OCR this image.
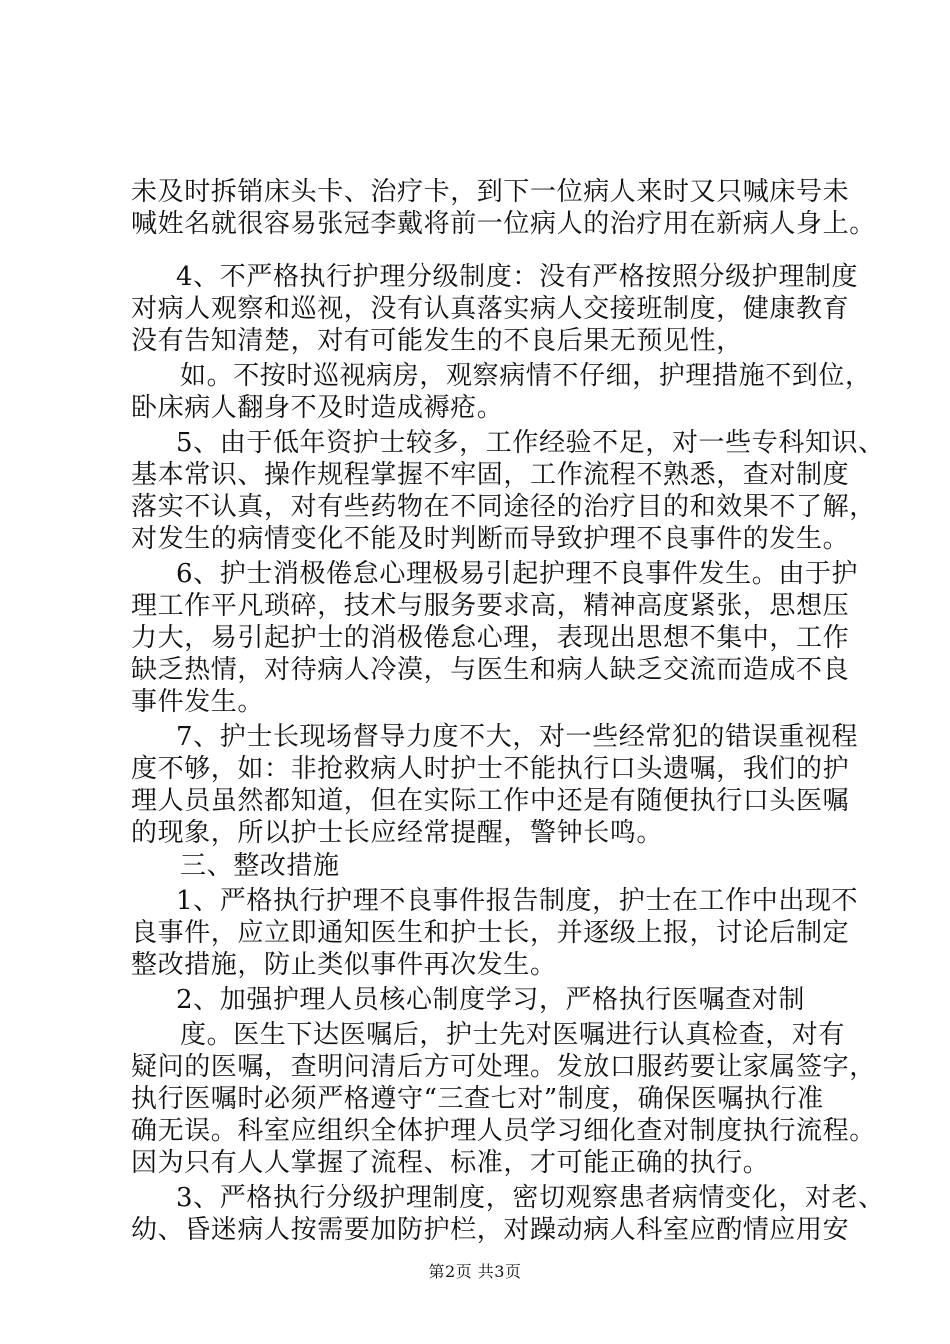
未及时拆销床头卡、治疗卡，到下一位病人来时又只喊床号未
喊姓名就很容易张冠李戴将前一位病人的治疗用在新病人身上。
4、不严格执行护理分级制度：没有严格按照分级护理制度
对病人观察和巡视，没有认真落实病人交接班制度，健康教育
没有告知清楚，对有可能发生的不良后果无预见性，
如。不按时巡视病房，观察病情不仔细，护理措施不到位，
卧床病人翻身不及时造成褥疮。
5、由于低年资护士较多，工作经验不足，对一些专科知识、
基本常识、操作规程掌握不牢固，工作流程不熟悉，查对制度
落实不认真，对有些药物在不同途径的治疗目的和效果不了解，
对发生的病情变化不能及时判断而导致护理不良事件的发生。
6、护士消极倦怠心理极易引起护理不良事件发生。由于护
理工作平凡琐碎，技术与服务要求高，精神高度紧张，思想压
力大，易引起护士的消极倦怠心理，表现出思想不集中，工作
缺乏热情，对待病人冷漠，与医生和病人缺乏交流而造成不良
事件发生。
7、护士长现场督导力度不大，对一些经常犯的错误重视程
度不够，如：非抢救病人时护士不能执行口头遗嘱，我们的护
理人员虽然都知道，但在实际工作中还是有随便执行口头医嘱
的现象，所以护士长应经常提醒，警钟长鸣。
三、整改措施
1、严格执行护理不良事件报告制度，护士在工作中出现不
良事件，应立即通知医生和护士长，并逐级上报，讨论后制定
整改措施，防止类似事件再次发生。
2、加强护理人员核心制度学习，严格执行医嘱查对制
度。医生下达医嘱后，护士先对医嘱进行认真检查，对有
疑问的医嘱，查明问清后方可处理。发放口服药要让家属签字，
执行医嘱时必须严格遵守“三查七对”制度，确保医嘱执行准
确无误。科室应组织全体护理人员学习细化查对制度执行流程。
因为只有人人掌握了流程、标准，才可能正确的执行。
3、严格执行分级护理制度，密切观察患者病情变化，对老、
幼、昏迷病人按需要加防护栏，对躁动病人科室应酌情应用安
第2页 共3页
